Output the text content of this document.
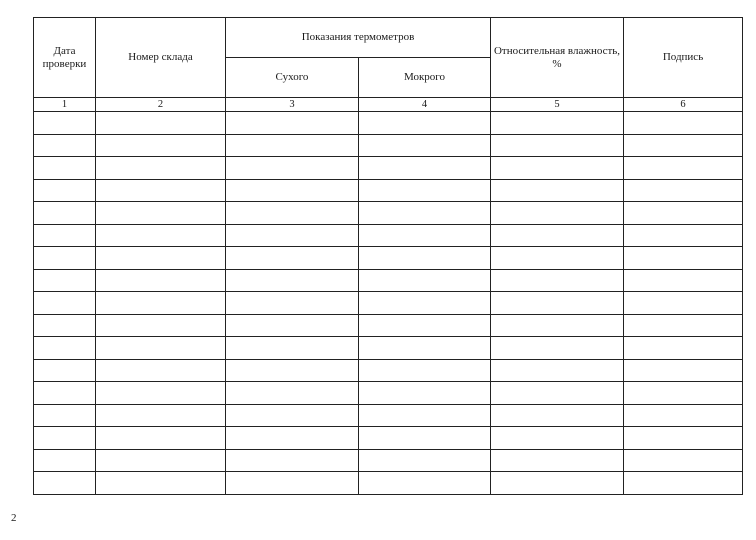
Дата проверки	Номер склада	Показания термометров		Относительная влажность, %	Подпись
		Сухого	Мокрого		
1	2	3	4	5	6

2
